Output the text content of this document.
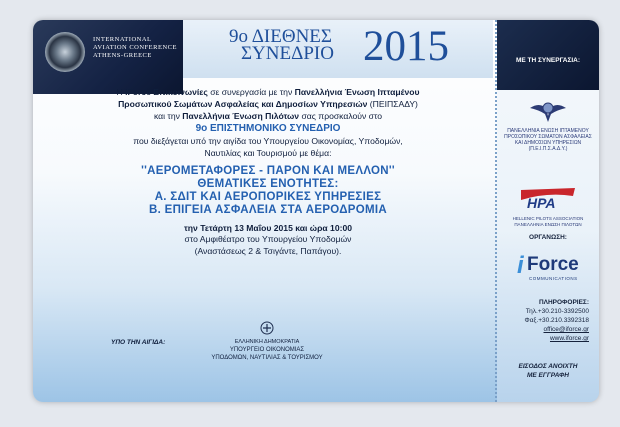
INTERNATIONAL
AVIATION CONFERENCE
ATHENS-GREECE
9ο ΔΙΕΘΝΕΣ
ΣΥΝΕΔΡΙΟ 2015
Η iForce Επικοινωνίες σε συνεργασία με την Πανελλήνια Ένωση Ιπταμένου
Προσωπικού Σωμάτων Ασφαλείας και Δημοσίων Υπηρεσιών (ΠΕΙΠΣΑΔΥ)
και την Πανελλήνια Ένωση Πιλότων σας προσκαλούν στο
9ο ΕΠΙΣΤΗΜΟΝΙΚΟ ΣΥΝΕΔΡΙΟ
που διεξάγεται υπό την αιγίδα του Υπουργείου Οικονομίας, Υποδομών,
Ναυτιλίας και Τουρισμού με θέμα:
''ΑΕΡΟΜΕΤΑΦΟΡΕΣ - ΠΑΡΟΝ ΚΑΙ ΜΕΛΛΟΝ''
ΘΕΜΑΤΙΚΕΣ ΕΝΟΤΗΤΕΣ:
Α. ΣΔΙΤ ΚΑΙ ΑΕΡΟΠΟΡΙΚΕΣ ΥΠΗΡΕΣΙΕΣ
Β. ΕΠΙΓΕΙΑ ΑΣΦΑΛΕΙΑ ΣΤΑ ΑΕΡΟΔΡΟΜΙΑ
την Τετάρτη 13 Μαΐου 2015 και ώρα 10:00
στο Αμφιθέατρο του Υπουργείου Υποδομών
(Αναστάσεως 2 & Τσιγάντε, Παπάγου).
ΥΠΟ ΤΗΝ ΑΙΓΙΔΑ:	ΕΛΛΗΝΙΚΗ ΔΗΜΟΚΡΑΤΙΑ
ΥΠΟΥΡΓΕΙΟ ΟΙΚΟΝΟΜΙΑΣ
ΥΠΟΔΟΜΩΝ, ΝΑΥΤΙΛΙΑΣ & ΤΟΥΡΙΣΜΟΥ
ΜΕ ΤΗ ΣΥΝΕΡΓΑΣΙΑ:
ΠΑΝΕΛΛΗΝΙΑ ΕΝΩΣΗ ΙΠΤΑΜΕΝΟΥ
ΠΡΟΣΩΠΙΚΟΥ ΣΩΜΑΤΩΝ ΑΣΦΑΛΕΙΑΣ
ΚΑΙ ΔΗΜΟΣΙΩΝ ΥΠΗΡΕΣΙΩΝ
(Π.Ε.Ι.Π.Σ.Α.Δ.Υ.)
HPA
HELLENIC PILOTS ASSOCIATION
ΠΑΝΕΛΛΗΝΙΑ ΕΝΩΣΗ ΠΙΛΟΤΩΝ
ΟΡΓΑΝΩΣΗ:
i Force
COMMUNICATIONS
ΠΛΗΡΟΦΟΡΙΕΣ:
Τηλ.+30.210-3392500
Φαξ.+30.210.3392318
office@iforce.gr
www.iforce.gr
ΕΙΣΟΔΟΣ ΑΝΟΙΧΤΗ
ΜΕ ΕΓΓΡΑΦΗ
